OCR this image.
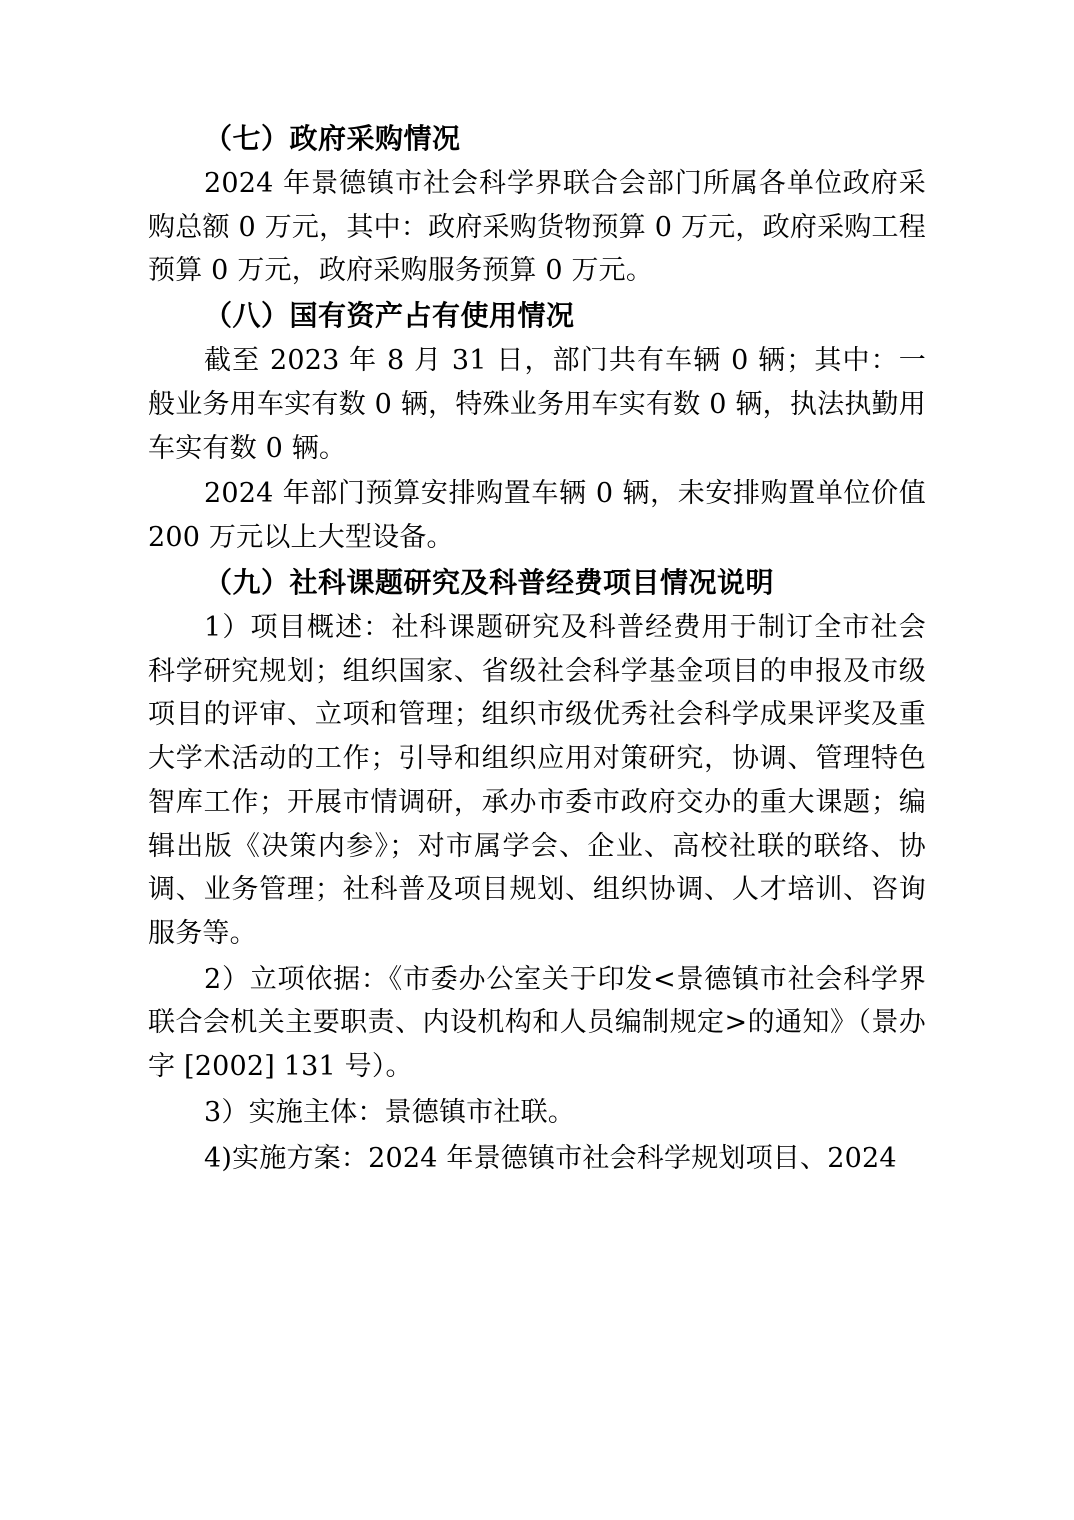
（七）政府采购情况

2024 年景德镇市社会科学界联合会部门所属各单位政府采购总额 0 万元，其中：政府采购货物预算 0 万元，政府采购工程预算 0 万元，政府采购服务预算 0 万元。

（八）国有资产占有使用情况

截至 2023 年 8 月 31 日，部门共有车辆 0 辆；其中：一般业务用车实有数 0 辆，特殊业务用车实有数 0 辆，执法执勤用车实有数 0 辆。

2024 年部门预算安排购置车辆 0 辆，未安排购置单位价值 200 万元以上大型设备。

（九）社科课题研究及科普经费项目情况说明

1）项目概述：社科课题研究及科普经费用于制订全市社会科学研究规划；组织国家、省级社会科学基金项目的申报及市级项目的评审、立项和管理；组织市级优秀社会科学成果评奖及重大学术活动的工作；引导和组织应用对策研究，协调、管理特色智库工作；开展市情调研，承办市委市政府交办的重大课题；编辑出版《决策内参》；对市属学会、企业、高校社联的联络、协调、业务管理；社科普及项目规划、组织协调、人才培训、咨询服务等。

2）立项依据：《市委办公室关于印发<景德镇市社会科学界联合会机关主要职责、内设机构和人员编制规定>的通知》（景办字 [2002] 131 号）。

3）实施主体：景德镇市社联。

4)实施方案：2024 年景德镇市社会科学规划项目、2024
